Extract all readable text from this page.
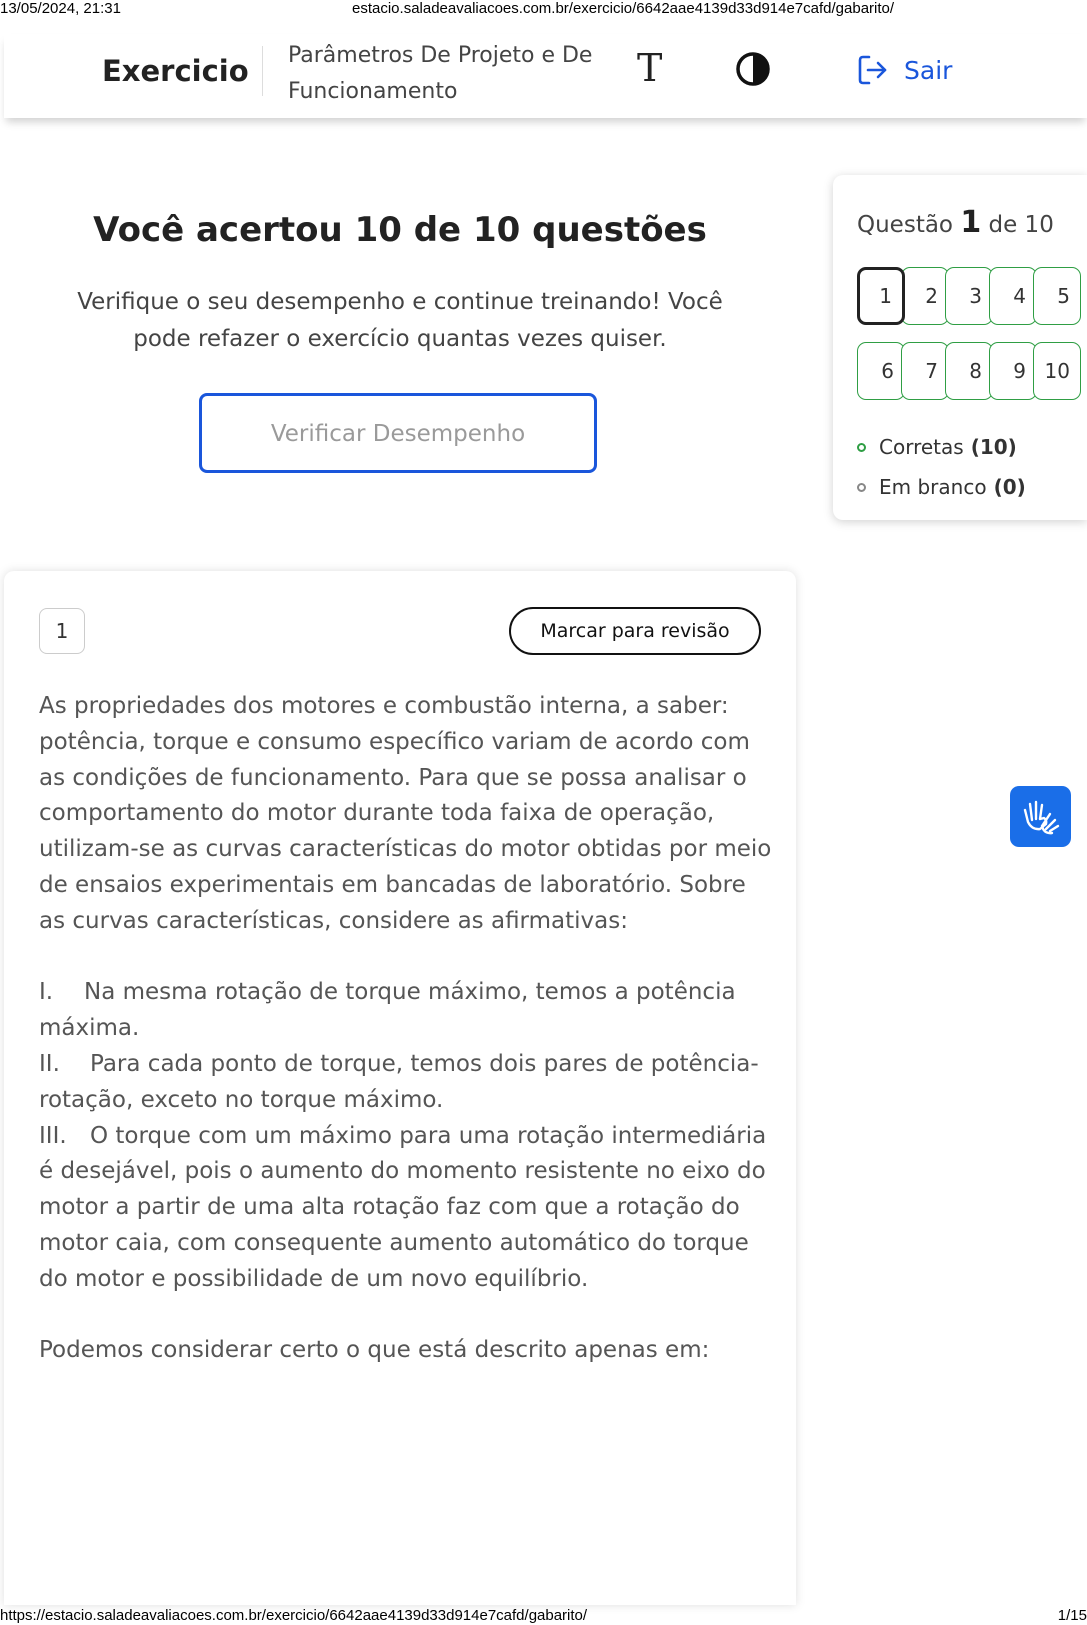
13/05/2024, 21:31	estacio.saladeavaliacoes.com.br/exercicio/6642aae4139d33d914e7cafd/gabarito/
Exercicio Parâmetros De Projeto e De Funcionamento
T	Sair
Você acertou 10 de 10 questões
Verifique o seu desempenho e continue treinando! Você pode refazer o exercício quantas vezes quiser.
Verificar Desempenho
Questão 1 de 10
1	2	3	4	5
6	7	8	9 10
Corretas (10)
Em branco (0)
1	Marcar para revisão

As propriedades dos motores e combustão interna, a saber: potência, torque e consumo específico variam de acordo com as condições de funcionamento. Para que se possa analisar o comportamento do motor durante toda faixa de operação, utilizam-se as curvas características do motor obtidas por meio de ensaios experimentais em bancadas de laboratório. Sobre as curvas características, considere as afirmativas:

I. Na mesma rotação de torque máximo, temos a potência máxima.

II. Para cada ponto de torque, temos dois pares de potência-rotação, exceto no torque máximo.

III. O torque com um máximo para uma rotação intermediária é desejável, pois o aumento do momento resistente no eixo do motor a partir de uma alta rotação faz com que a rotação do motor caia, com consequente aumento automático do torque do motor e possibilidade de um novo equilíbrio.

Podemos considerar certo o que está descrito apenas em:

https://estacio.saladeavaliacoes.com.br/exercicio/6642aae4139d33d914e7cafd/gabarito/	1/15
